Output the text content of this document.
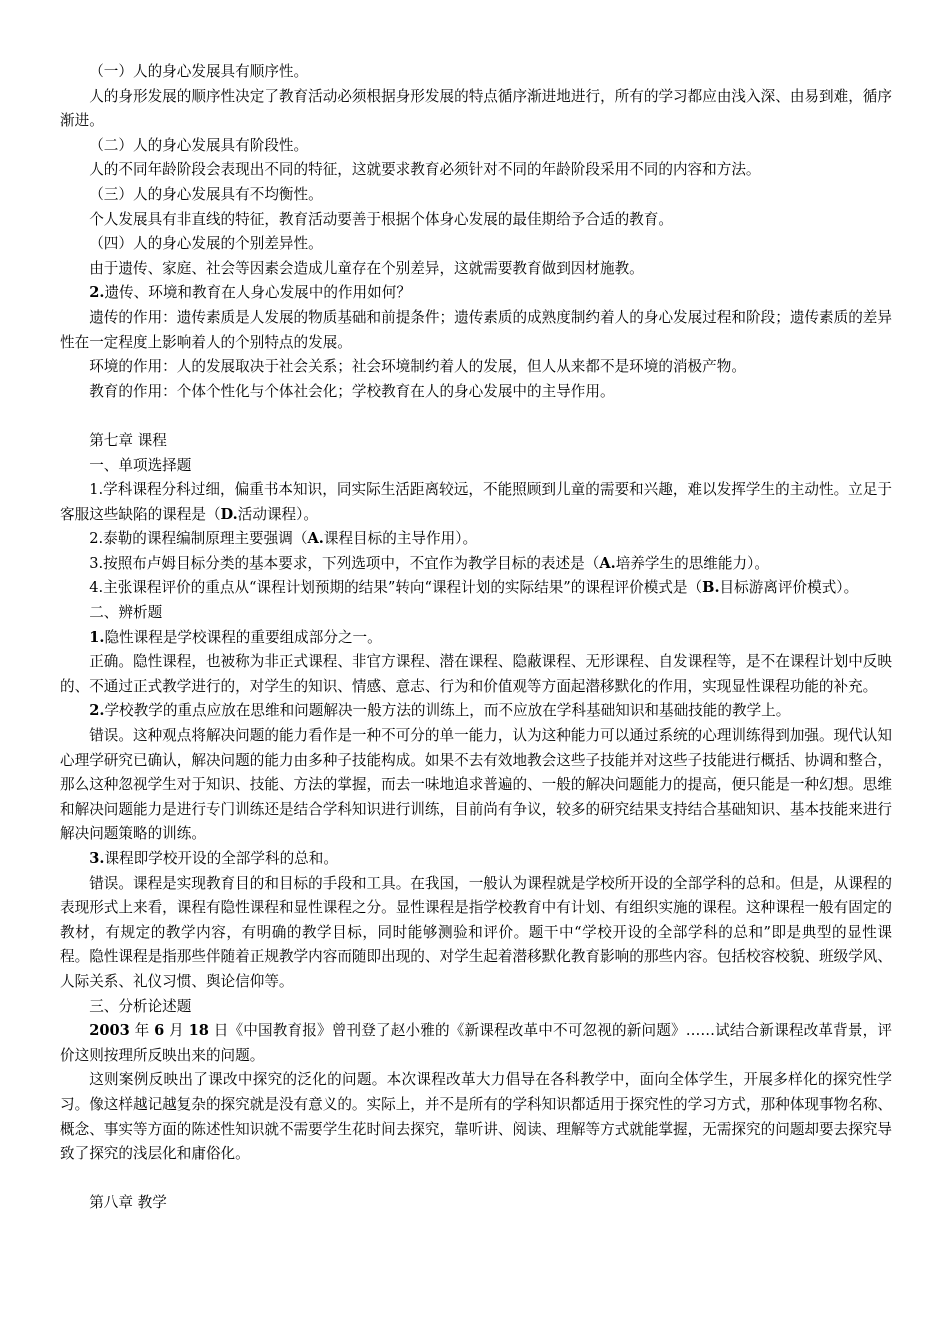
（一）人的身心发展具有顺序性。

人的身形发展的顺序性决定了教育活动必须根据身形发展的特点循序渐进地进行，所有的学习都应由浅入深、由易到难，循序渐进。

（二）人的身心发展具有阶段性。

人的不同年龄阶段会表现出不同的特征，这就要求教育必须针对不同的年龄阶段采用不同的内容和方法。

（三）人的身心发展具有不均衡性。

个人发展具有非直线的特征，教育活动要善于根据个体身心发展的最佳期给予合适的教育。

（四）人的身心发展的个别差异性。

由于遗传、家庭、社会等因素会造成儿童存在个别差异，这就需要教育做到因材施教。

2.遗传、环境和教育在人身心发展中的作用如何？

遗传的作用：遗传素质是人发展的物质基础和前提条件；遗传素质的成熟度制约着人的身心发展过程和阶段；遗传素质的差异性在一定程度上影响着人的个别特点的发展。

环境的作用：人的发展取决于社会关系；社会环境制约着人的发展，但人从来都不是环境的消极产物。

教育的作用：个体个性化与个体社会化；学校教育在人的身心发展中的主导作用。

第七章 课程

一、单项选择题

1.学科课程分科过细，偏重书本知识，同实际生活距离较远，不能照顾到儿童的需要和兴趣，难以发挥学生的主动性。立足于客服这些缺陷的课程是（D.活动课程）。

2.泰勒的课程编制原理主要强调（A.课程目标的主导作用）。

3.按照布卢姆目标分类的基本要求，下列选项中，不宜作为教学目标的表述是（A.培养学生的思维能力）。

4.主张课程评价的重点从“课程计划预期的结果”转向“课程计划的实际结果”的课程评价模式是（B.目标游离评价模式）。

二、辨析题

1.隐性课程是学校课程的重要组成部分之一。

正确。隐性课程，也被称为非正式课程、非官方课程、潜在课程、隐蔽课程、无形课程、自发课程等，是不在课程计划中反映的、不通过正式教学进行的，对学生的知识、情感、意志、行为和价值观等方面起潜移默化的作用，实现显性课程功能的补充。

2.学校教学的重点应放在思维和问题解决一般方法的训练上，而不应放在学科基础知识和基础技能的教学上。

错误。这种观点将解决问题的能力看作是一种不可分的单一能力，认为这种能力可以通过系统的心理训练得到加强。现代认知心理学研究已确认，解决问题的能力由多种子技能构成。如果不去有效地教会这些子技能并对这些子技能进行概括、协调和整合，那么这种忽视学生对于知识、技能、方法的掌握，而去一味地追求普遍的、一般的解决问题能力的提高，便只能是一种幻想。思维和解决问题能力是进行专门训练还是结合学科知识进行训练，目前尚有争议，较多的研究结果支持结合基础知识、基本技能来进行解决问题策略的训练。

3.课程即学校开设的全部学科的总和。

错误。课程是实现教育目的和目标的手段和工具。在我国，一般认为课程就是学校所开设的全部学科的总和。但是，从课程的表现形式上来看，课程有隐性课程和显性课程之分。显性课程是指学校教育中有计划、有组织实施的课程。这种课程一般有固定的教材，有规定的教学内容，有明确的教学目标，同时能够测验和评价。题干中“学校开设的全部学科的总和”即是典型的显性课程。隐性课程是指那些伴随着正规教学内容而随即出现的、对学生起着潜移默化教育影响的那些内容。包括校容校貌、班级学风、人际关系、礼仪习惯、舆论信仰等。

三、分析论述题

2003 年 6 月 18 日《中国教育报》曾刊登了赵小雅的《新课程改革中不可忽视的新问题》……试结合新课程改革背景，评价这则按理所反映出来的问题。

这则案例反映出了课改中探究的泛化的问题。本次课程改革大力倡导在各科教学中，面向全体学生，开展多样化的探究性学习。像这样越记越复杂的探究就是没有意义的。实际上，并不是所有的学科知识都适用于探究性的学习方式，那种体现事物名称、概念、事实等方面的陈述性知识就不需要学生花时间去探究，靠听讲、阅读、理解等方式就能掌握，无需探究的问题却要去探究导致了探究的浅层化和庸俗化。

第八章 教学
